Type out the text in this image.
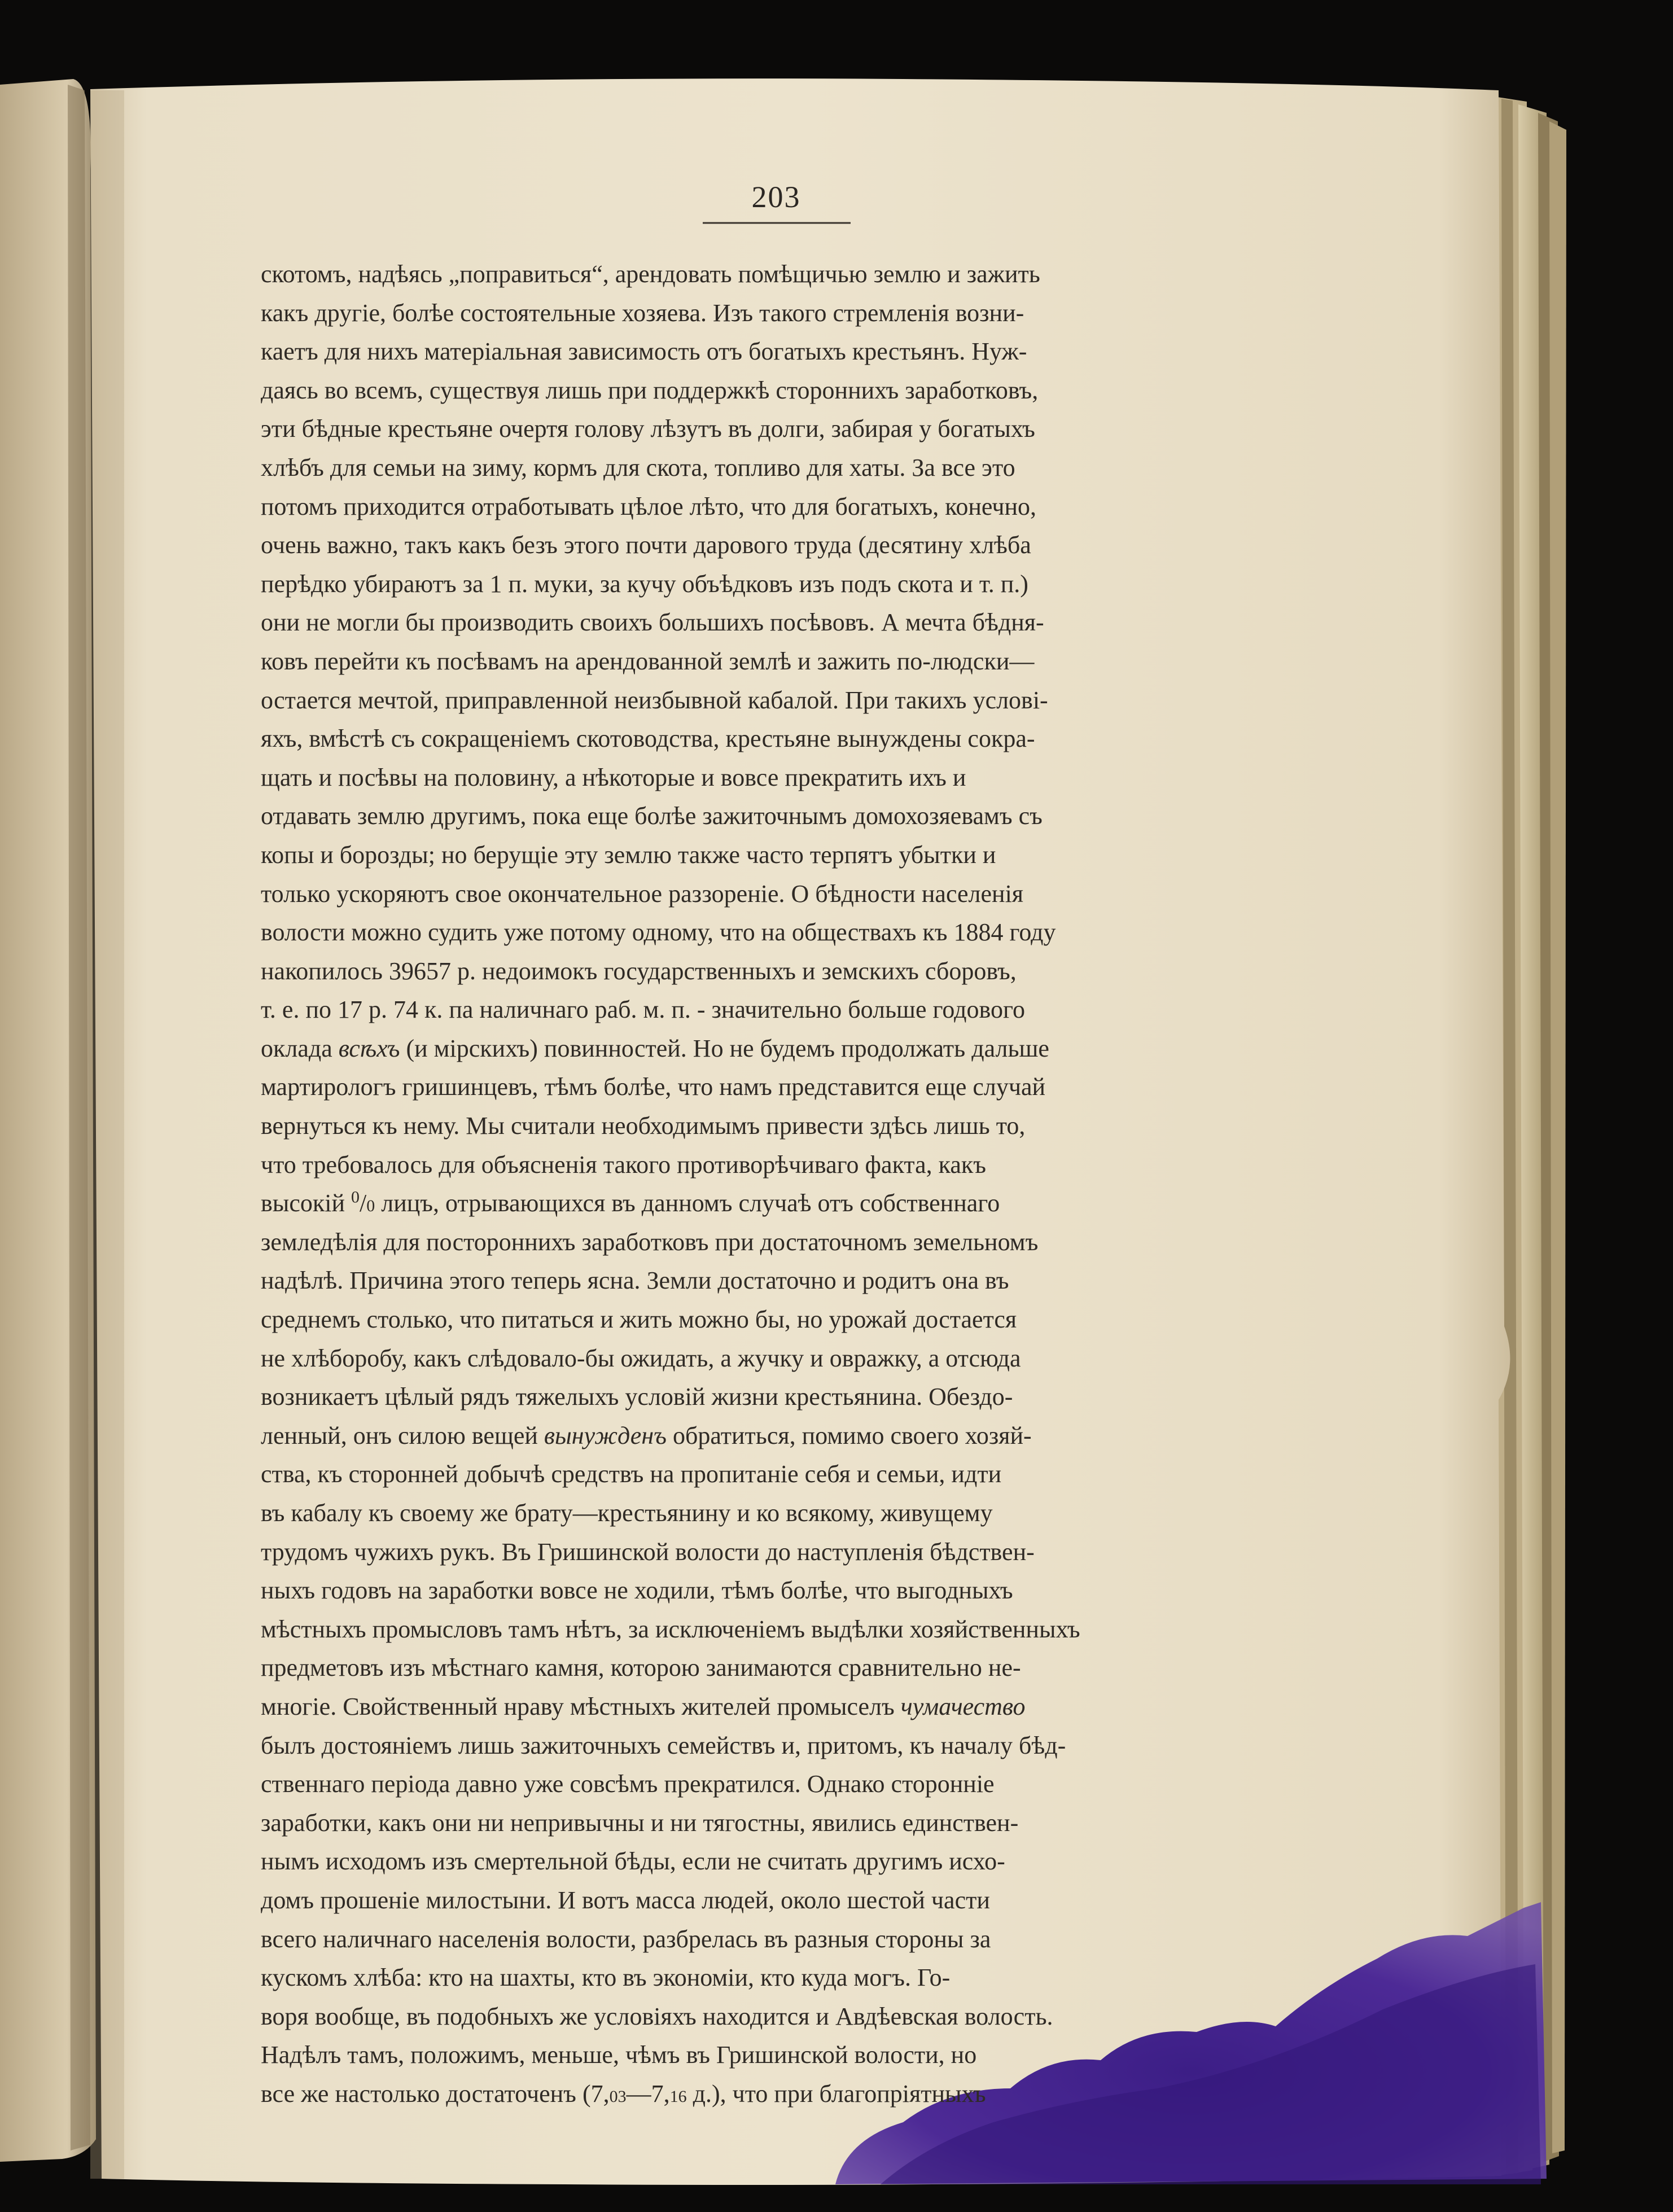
203
скотомъ, надѣясь „поправиться“, арендовать помѣщичью землю и зажить
какъ другіе, болѣе состоятельные хозяева. Изъ такого стремленія возни-
каетъ для нихъ матеріальная зависимость отъ богатыхъ крестьянъ. Нуж-
даясь во всемъ, существуя лишь при поддержкѣ стороннихъ заработковъ,
эти бѣдные крестьяне очертя голову лѣзутъ въ долги, забирая у богатыхъ
хлѣбъ для семьи на зиму, кормъ для скота, топливо для хаты. За все это
потомъ приходится отработывать цѣлое лѣто, что для богатыхъ, конечно,
очень важно, такъ какъ безъ этого почти дарового труда (десятину хлѣба
перѣдко убираютъ за 1 п. муки, за кучу объѣдковъ изъ подъ скота и т. п.)
они не могли бы производить своихъ большихъ посѣвовъ. А мечта бѣдня-
ковъ перейти къ посѣвамъ на арендованной землѣ и зажить по-людски—
остается мечтой, приправленной неизбывной кабалой. При такихъ услові-
яхъ, вмѣстѣ съ сокращеніемъ скотоводства, крестьяне вынуждены сокра-
щать и посѣвы на половину, а нѣкоторые и вовсе прекратить ихъ и
отдавать землю другимъ, пока еще болѣе зажиточнымъ домохозяевамъ съ
копы и борозды; но берущіе эту землю также часто терпятъ убытки и
только ускоряютъ свое окончательное раззореніе. О бѣдности населенія
волости можно судить уже потому одному, что на обществахъ къ 1884 году
накопилось 39657 р. недоимокъ государственныхъ и земскихъ сборовъ,
т. е. по 17 р. 74 к. па наличнаго раб. м. п. - значительно больше годового
оклада всѣхъ (и мірскихъ) повинностей. Но не будемъ продолжать дальше
мартирологъ гришинцевъ, тѣмъ болѣе, что намъ представится еще случай
вернуться къ нему. Мы считали необходимымъ привести здѣсь лишь то,
что требовалось для объясненія такого противорѣчиваго факта, какъ
высокій $^0$/0 лицъ, отрывающихся въ данномъ случаѣ отъ собственнаго
земледѣлія для постороннихъ заработковъ при достаточномъ земельномъ
надѣлѣ. Причина этого теперь ясна. Земли достаточно и родитъ она въ
среднемъ столько, что питаться и жить можно бы, но урожай достается
не хлѣборобу, какъ слѣдовало-бы ожидать, а жучку и овражку, а отсюда
возникаетъ цѣлый рядъ тяжелыхъ условій жизни крестьянина. Обездо-
ленный, онъ силою вещей вынужденъ обратиться, помимо своего хозяй-
ства, къ сторонней добычѣ средствъ на пропитаніе себя и семьи, идти
въ кабалу къ своему же брату—крестьянину и ко всякому, живущему
трудомъ чужихъ рукъ. Въ Гришинской волости до наступленія бѣдствен-
ныхъ годовъ на заработки вовсе не ходили, тѣмъ болѣе, что выгодныхъ
мѣстныхъ промысловъ тамъ нѣтъ, за исключеніемъ выдѣлки хозяйственныхъ
предметовъ изъ мѣстнаго камня, которою занимаются сравнительно не-
многіе. Свойственный нраву мѣстныхъ жителей промыселъ чумачество
былъ достояніемъ лишь зажиточныхъ семействъ и, притомъ, къ началу бѣд-
ственнаго періода давно уже совсѣмъ прекратился. Однако сторонніе
заработки, какъ они ни непривычны и ни тягостны, явились единствен-
нымъ исходомъ изъ смертельной бѣды, если не считать другимъ исхо-
домъ прошеніе милостыни. И вотъ масса людей, около шестой части
всего наличнаго населенія волости, разбрелась въ разныя стороны за
кускомъ хлѣба: кто на шахты, кто въ экономіи, кто куда могъ. Го-
воря вообще, въ подобныхъ же условіяхъ находится и Авдѣевская волость.
Надѣлъ тамъ, положимъ, меньше, чѣмъ въ Гришинской волости, но
все же настолько достаточенъ (7,03—7,16 д.), что при благопріятныхъ
